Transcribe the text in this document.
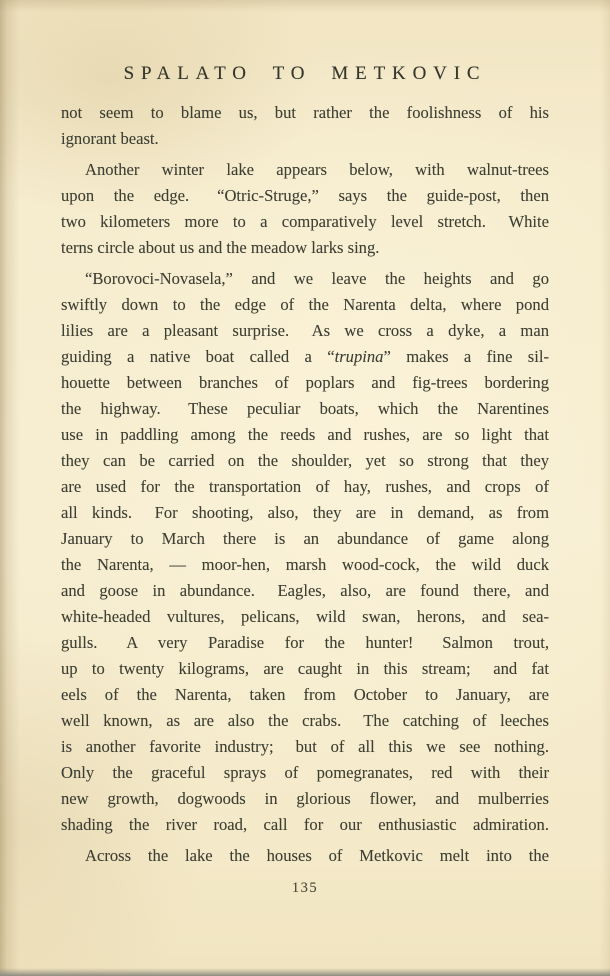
SPALATO TO METKOVIC
not seem to blame us, but rather the foolishness of his
ignorant beast.
Another winter lake appears below, with walnut-trees
upon the edge.  “Otric-Struge,” says the guide-post, then
two kilometers more to a comparatively level stretch.  White
terns circle about us and the meadow larks sing.
“Borovoci-Novasela,” and we leave the heights and go
swiftly down to the edge of the Narenta delta, where pond
lilies are a pleasant surprise.  As we cross a dyke, a man
guiding a native boat called a “trupina” makes a fine sil-
houette between branches of poplars and fig-trees bordering
the highway.  These peculiar boats, which the Narentines
use in paddling among the reeds and rushes, are so light that
they can be carried on the shoulder, yet so strong that they
are used for the transportation of hay, rushes, and crops of
all kinds.  For shooting, also, they are in demand, as from
January to March there is an abundance of game along
the Narenta, — moor-hen, marsh wood-cock, the wild duck
and goose in abundance.  Eagles, also, are found there, and
white-headed vultures, pelicans, wild swan, herons, and sea-
gulls.  A very Paradise for the hunter!  Salmon trout,
up to twenty kilograms, are caught in this stream;  and fat
eels of the Narenta, taken from October to January, are
well known, as are also the crabs.  The catching of leeches
is another favorite industry;  but of all this we see nothing.
Only the graceful sprays of pomegranates, red with their
new growth, dogwoods in glorious flower, and mulberries
shading the river road, call for our enthusiastic admiration.
Across the lake the houses of Metkovic melt into the
135
